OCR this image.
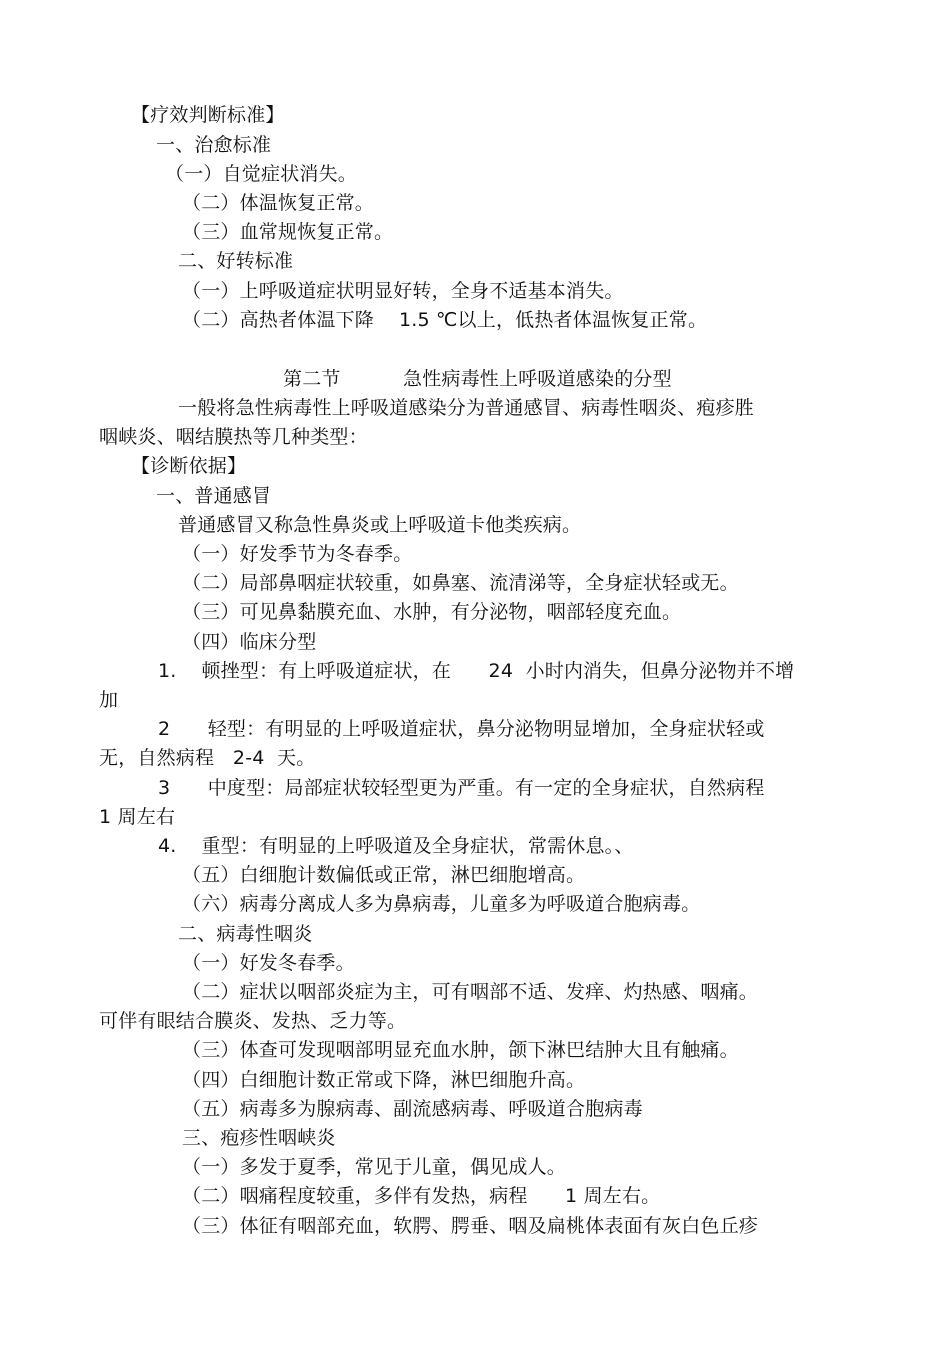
【疗效判断标准】
一、治愈标准
（一）自觉症状消失。
（二）体温恢复正常。
（三）血常规恢复正常。
二、好转标准
（一）上呼吸道症状明显好转，全身不适基本消失。
（二）高热者体温下降    1.5 ℃以上，低热者体温恢复正常。
第二节          急性病毒性上呼吸道感染的分型
一般将急性病毒性上呼吸道感染分为普通感冒、病毒性咽炎、疱疹胜
咽峡炎、咽结膜热等几种类型：
【诊断依据】
一、普通感冒
普通感冒又称急性鼻炎或上呼吸道卡他类疾病。
（一）好发季节为冬春季。
（二）局部鼻咽症状较重，如鼻塞、流清涕等，全身症状轻或无。
（三）可见鼻黏膜充血、水肿，有分泌物，咽部轻度充血。
（四）临床分型
1.    顿挫型：有上呼吸道症状，在      24  小时内消失，但鼻分泌物并不增
加
2      轻型：有明显的上呼吸道症状，鼻分泌物明显增加，全身症状轻或
无，自然病程   2-4  天。
3      中度型：局部症状较轻型更为严重。有一定的全身症状，自然病程
1 周左右
4.    重型：有明显的上呼吸道及全身症状，常需休息。、
（五）白细胞计数偏低或正常，淋巴细胞增高。
（六）病毒分离成人多为鼻病毒，儿童多为呼吸道合胞病毒。
二、病毒性咽炎
（一）好发冬春季。
（二）症状以咽部炎症为主，可有咽部不适、发痒、灼热感、咽痛。
可伴有眼结合膜炎、发热、乏力等。
（三）体查可发现咽部明显充血水肿，颌下淋巴结肿大且有触痛。
（四）白细胞计数正常或下降，淋巴细胞升高。
（五）病毒多为腺病毒、副流感病毒、呼吸道合胞病毒
三、疱疹性咽峡炎
（一）多发于夏季，常见于儿童，偶见成人。
（二）咽痛程度较重，多伴有发热，病程      1 周左右。
（三）体征有咽部充血，软腭、腭垂、咽及扁桃体表面有灰白色丘疹
